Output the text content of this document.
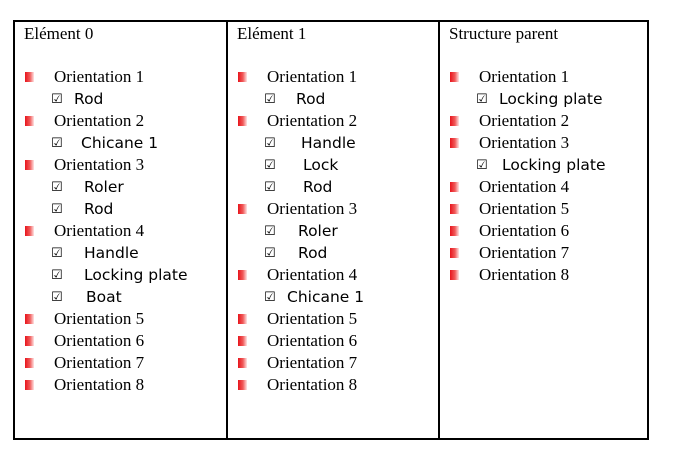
Elément 0
Orientation 1
☑ Rod
Orientation 2
☑ Chicane 1
Orientation 3
☑ Roler
☑ Rod
Orientation 4
☑ Handle
☑ Locking plate
☑ Boat
Orientation 5
Orientation 6
Orientation 7
Orientation 8
Elément 1
Orientation 1
☑ Rod
Orientation 2
☑ Handle
☑ Lock
☑ Rod
Orientation 3
☑ Roler
☑ Rod
Orientation 4
☑ Chicane 1
Orientation 5
Orientation 6
Orientation 7
Orientation 8
Structure parent
Orientation 1
☑ Locking plate
Orientation 2
Orientation 3
☑ Locking plate
Orientation 4
Orientation 5
Orientation 6
Orientation 7
Orientation 8
